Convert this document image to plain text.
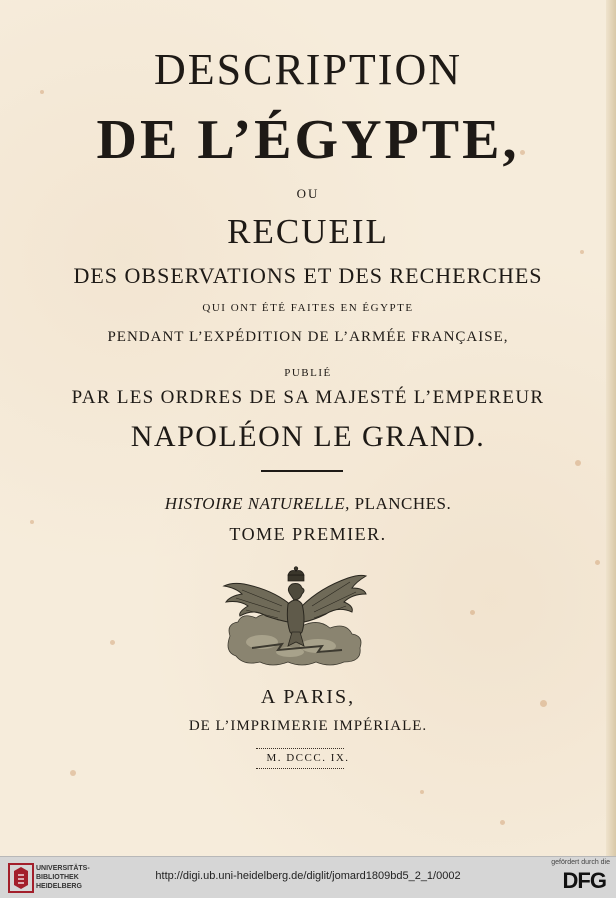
DESCRIPTION
DE L’ÉGYPTE,
OU
RECUEIL
DES OBSERVATIONS ET DES RECHERCHES
QUI ONT ÉTÉ FAITES EN ÉGYPTE
PENDANT L’EXPÉDITION DE L’ARMÉE FRANÇAISE,
PUBLIÉ
PAR LES ORDRES DE SA MAJESTÉ L’EMPEREUR
NAPOLÉON LE GRAND.
HISTOIRE NATURELLE, PLANCHES.
TOME PREMIER.
A PARIS,
DE L’IMPRIMERIE IMPÉRIALE.
M. DCCC. IX.
UNIVERSITÄTS-
BIBLIOTHEK
HEIDELBERG
http://digi.ub.uni-heidelberg.de/diglit/jomard1809bd5_2_1/0002
gefördert durch die
DFG
